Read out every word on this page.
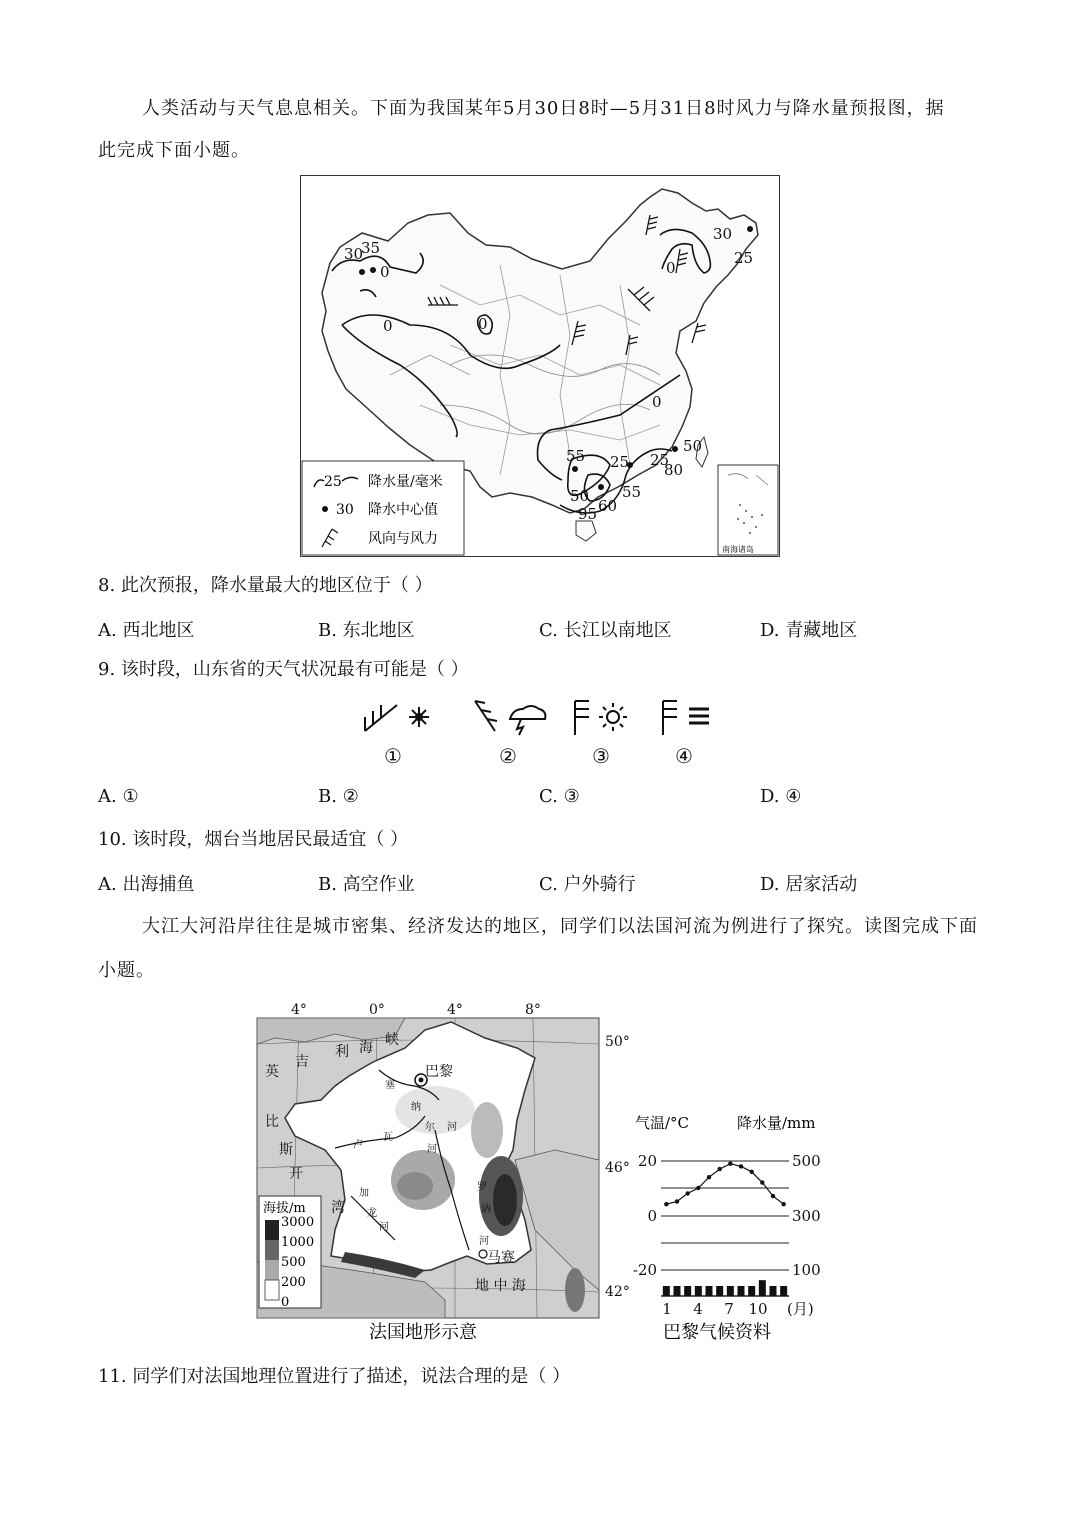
人类活动与天气息息相关。下面为我国某年5月30日8时—5月31日8时风力与降水量预报图，据
此完成下面小题。
30
35
0
0	0
0
30
25
0
55 25 25
50
80
50
60
55
95
25 降水量/毫米
30 降水中心值
风向与风力
南海诸岛
8. 此次预报，降水量最大的地区位于（ ）
A. 西北地区	B. 东北地区	C. 长江以南地区	D. 青藏地区
9. 该时段，山东省的天气状况最有可能是（ ）
①	②	③	④
A. ①	B. ②	C. ③	D. ④
10. 该时段，烟台当地居民最适宜（ ）
A. 出海捕鱼	B. 高空作业	C. 户外骑行	D. 居家活动
大江大河沿岸往往是城市密集、经济发达的地区，同学们以法国河流为例进行了探究。读图完成下面
小题。
4°	0°	4°	8°
50°
46°
42°
巴黎
马赛
地 中 海
英
吉
利 海 峡
比
斯
开
湾
塞
纳
河
卢
瓦
尔
河
加
龙
河
罗
讷
河
海拔/m
3000
1000
500
200
0
法国地形示意
气温/°C	降水量/mm
20
0
-20
500
300
100
1 4 7 10 (月)
巴黎气候资料
11. 同学们对法国地理位置进行了描述，说法合理的是（ ）
